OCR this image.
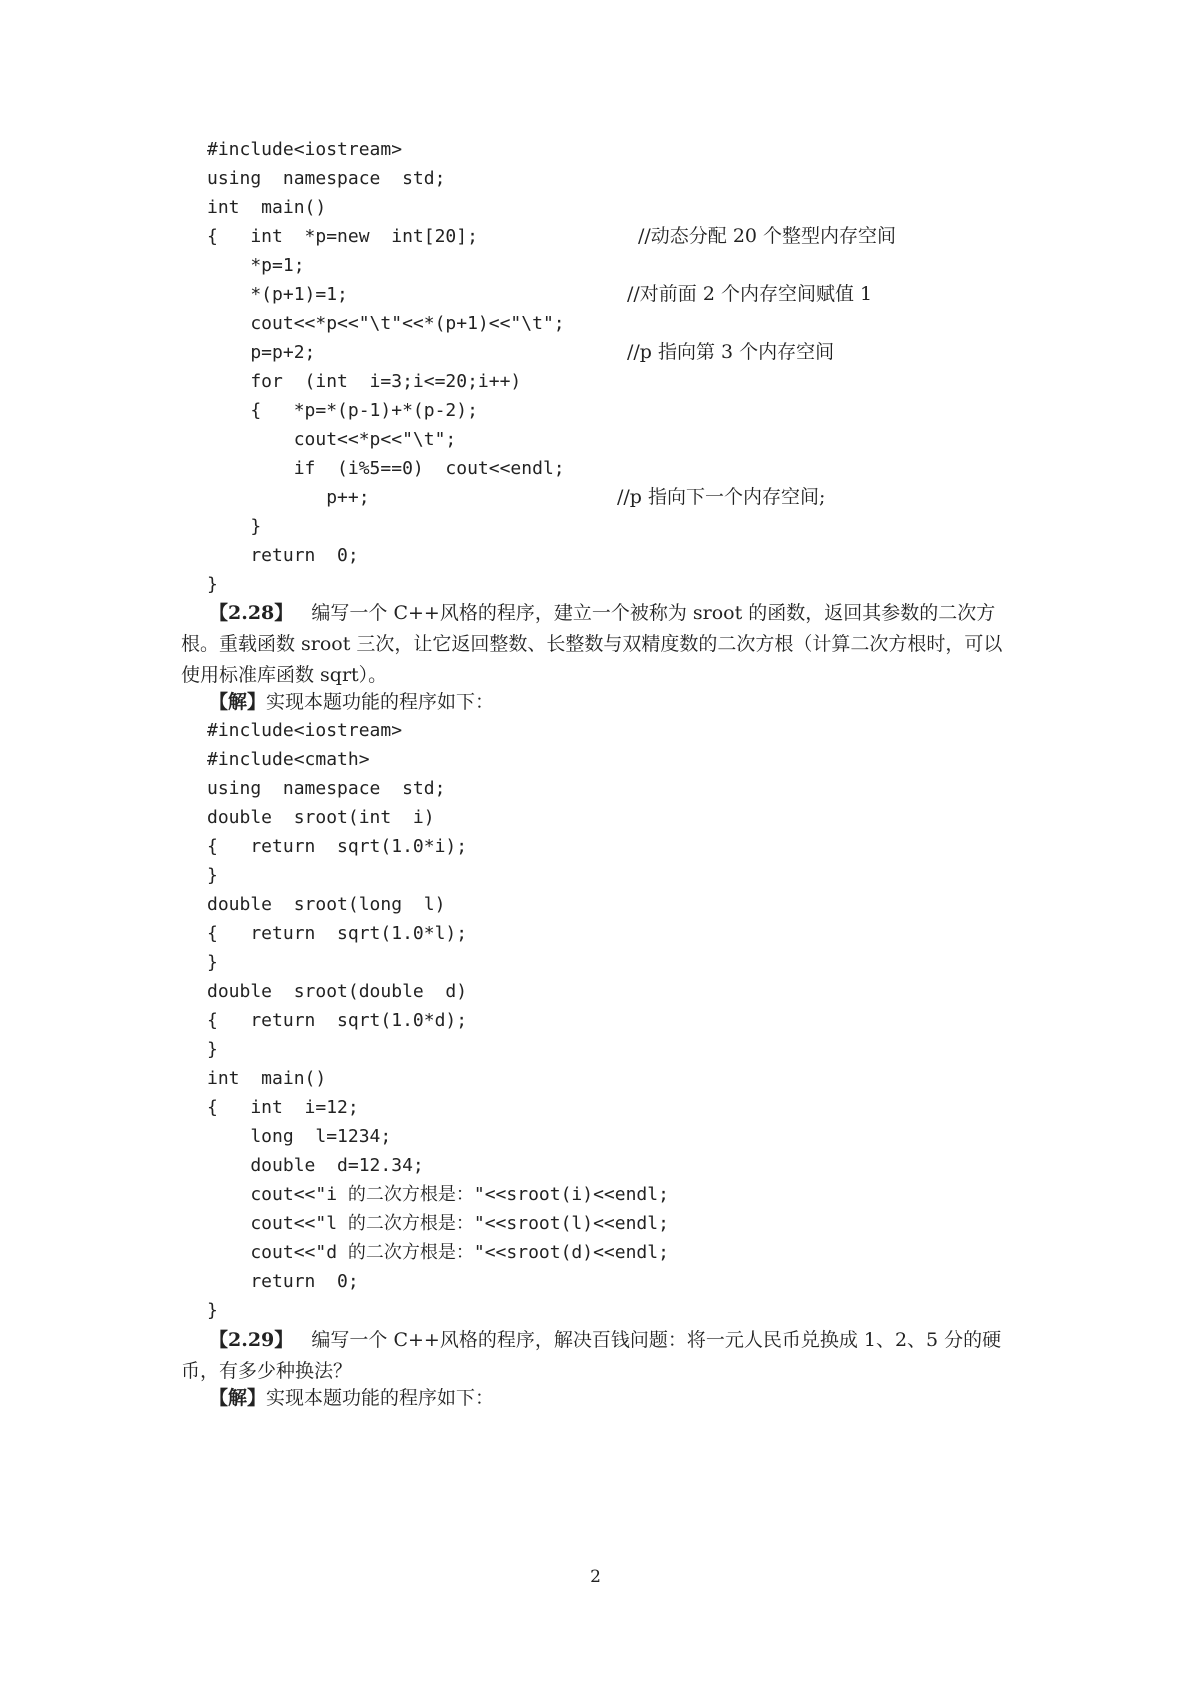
#include<iostream>
using  namespace  std;
int  main()
{   int  *p=new  int[20];	//动态分配 20 个整型内存空间
*p=1;
*(p+1)=1;	//对前面 2 个内存空间赋值 1
cout<<*p<<"\t"<<*(p+1)<<"\t";
p=p+2;	//p 指向第 3 个内存空间
for  (int  i=3;i<=20;i++)
{   *p=*(p-1)+*(p-2);
cout<<*p<<"\t";
if  (i%5==0)  cout<<endl;
p++;	//p 指向下一个内存空间;
}
return  0;
}
【2.28】 编写一个 C++风格的程序，建立一个被称为 sroot 的函数，返回其参数的二次方根。重载函数 sroot 三次，让它返回整数、长整数与双精度数的二次方根（计算二次方根时，可以使用标准库函数 sqrt）。
【解】实现本题功能的程序如下：
#include<iostream>
#include<cmath>
using  namespace  std;
double  sroot(int  i)
{   return  sqrt(1.0*i);
}
double  sroot(long  l)
{   return  sqrt(1.0*l);
}
double  sroot(double  d)
{   return  sqrt(1.0*d);
}
int  main()
{   int  i=12;
long  l=1234;
double  d=12.34;
cout<<"i 的二次方根是："<<sroot(i)<<endl;
cout<<"l 的二次方根是："<<sroot(l)<<endl;
cout<<"d 的二次方根是："<<sroot(d)<<endl;
return  0;
}
【2.29】 编写一个 C++风格的程序，解决百钱问题：将一元人民币兑换成 1、2、5 分的硬币，有多少种换法？
【解】实现本题功能的程序如下：
2
